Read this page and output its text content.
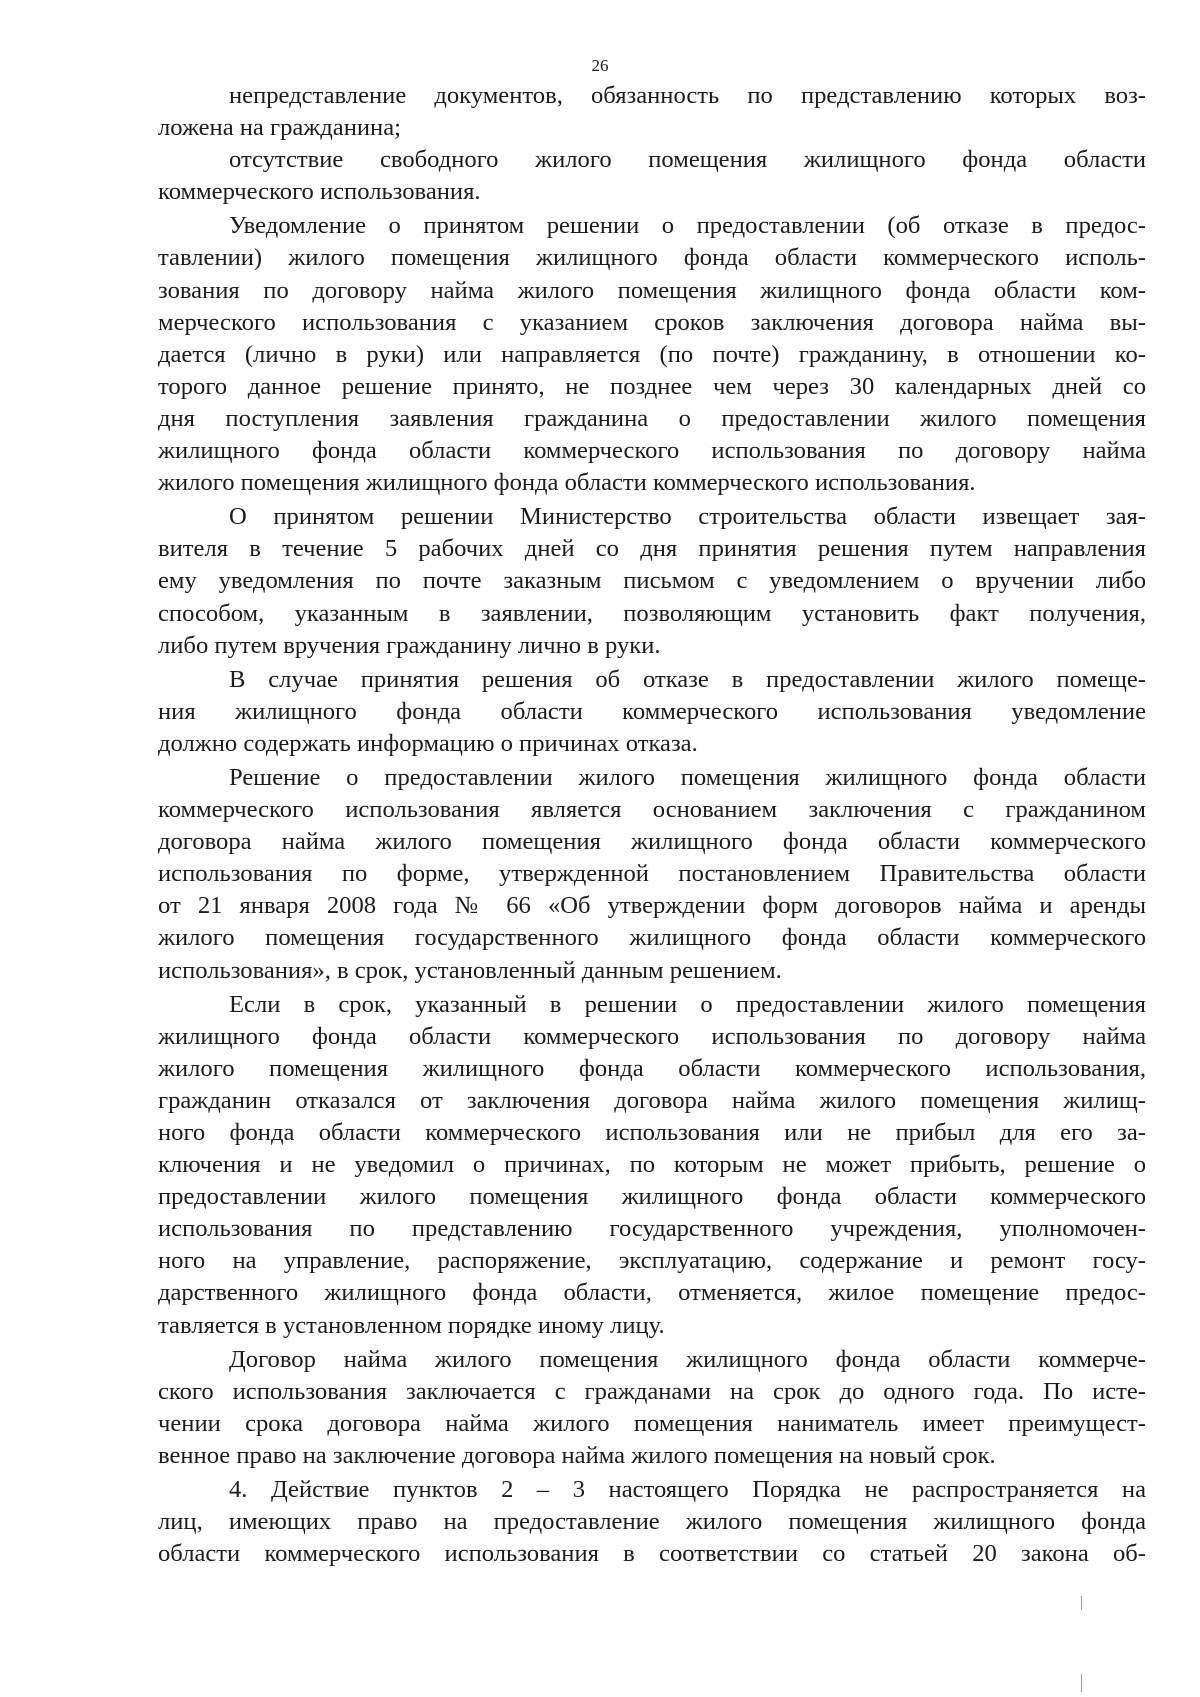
26
непредставление документов, обязанность по представлению которых воз-
ложена на гражданина;
отсутствие свободного жилого помещения жилищного фонда области
коммерческого использования.
Уведомление о принятом решении о предоставлении (об отказе в предос-
тавлении) жилого помещения жилищного фонда области коммерческого исполь-
зования по договору найма жилого помещения жилищного фонда области ком-
мерческого использования с указанием сроков заключения договора найма вы-
дается (лично в руки) или направляется (по почте) гражданину, в отношении ко-
торого данное решение принято, не позднее чем через 30 календарных дней со
дня поступления заявления гражданина о предоставлении жилого помещения
жилищного фонда области коммерческого использования по договору найма
жилого помещения жилищного фонда области коммерческого использования.
О принятом решении Министерство строительства области извещает зая-
вителя в течение 5 рабочих дней со дня принятия решения путем направления
ему уведомления по почте заказным письмом с уведомлением о вручении либо
способом, указанным в заявлении, позволяющим установить факт получения,
либо путем вручения гражданину лично в руки.
В случае принятия решения об отказе в предоставлении жилого помеще-
ния жилищного фонда области коммерческого использования уведомление
должно содержать информацию о причинах отказа.
Решение о предоставлении жилого помещения жилищного фонда области
коммерческого использования является основанием заключения с гражданином
договора найма жилого помещения жилищного фонда области коммерческого
использования по форме, утвержденной постановлением Правительства области
от 21 января 2008 года № 66 «Об утверждении форм договоров найма и аренды
жилого помещения государственного жилищного фонда области коммерческого
использования», в срок, установленный данным решением.
Если в срок, указанный в решении о предоставлении жилого помещения
жилищного фонда области коммерческого использования по договору найма
жилого помещения жилищного фонда области коммерческого использования,
гражданин отказался от заключения договора найма жилого помещения жилищ-
ного фонда области коммерческого использования или не прибыл для его за-
ключения и не уведомил о причинах, по которым не может прибыть, решение о
предоставлении жилого помещения жилищного фонда области коммерческого
использования по представлению государственного учреждения, уполномочен-
ного на управление, распоряжение, эксплуатацию, содержание и ремонт госу-
дарственного жилищного фонда области, отменяется, жилое помещение предос-
тавляется в установленном порядке иному лицу.
Договор найма жилого помещения жилищного фонда области коммерче-
ского использования заключается с гражданами на срок до одного года. По исте-
чении срока договора найма жилого помещения наниматель имеет преимущест-
венное право на заключение договора найма жилого помещения на новый срок.
4. Действие пунктов 2 – 3 настоящего Порядка не распространяется на
лиц, имеющих право на предоставление жилого помещения жилищного фонда
области коммерческого использования в соответствии со статьей 20 закона об-
